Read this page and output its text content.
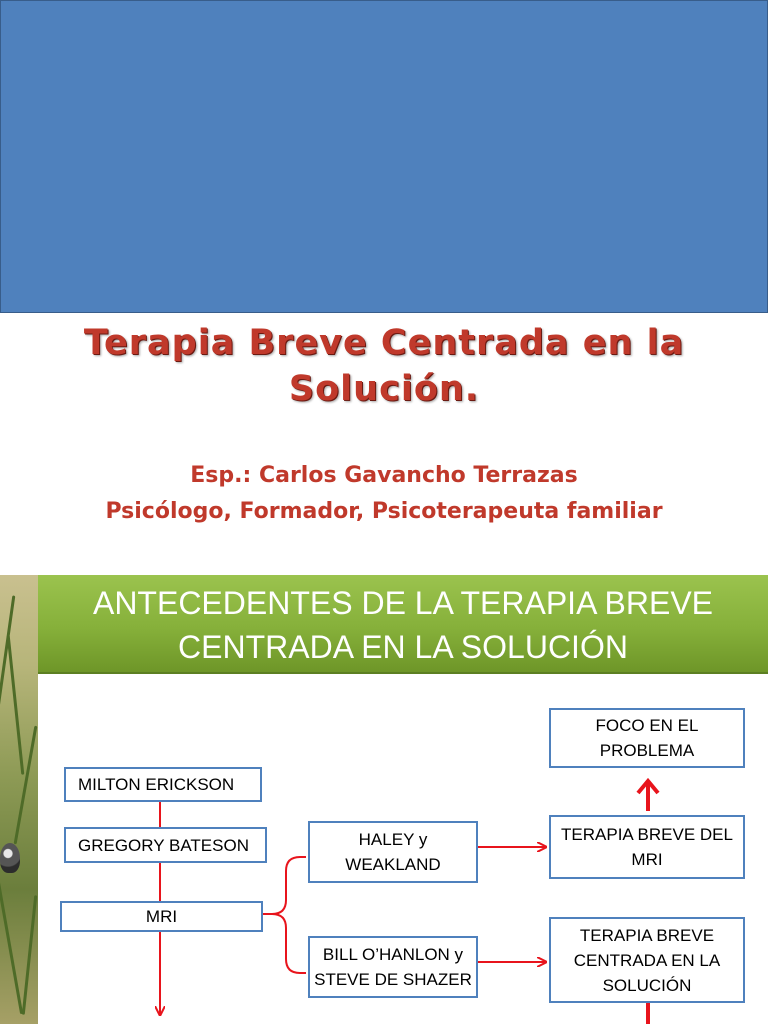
Terapia Breve Centrada en la
Solución.
Esp.: Carlos Gavancho Terrazas
Psicólogo, Formador, Psicoterapeuta familiar
ANTECEDENTES DE LA TERAPIA BREVE
CENTRADA EN LA SOLUCIÓN
MILTON ERICKSON
GREGORY BATESON
MRI
HALEY y
WEAKLAND
BILL O’HANLON y
STEVE DE SHAZER
FOCO EN EL
PROBLEMA
TERAPIA BREVE DEL
MRI
TERAPIA BREVE
CENTRADA EN LA
SOLUCIÓN
